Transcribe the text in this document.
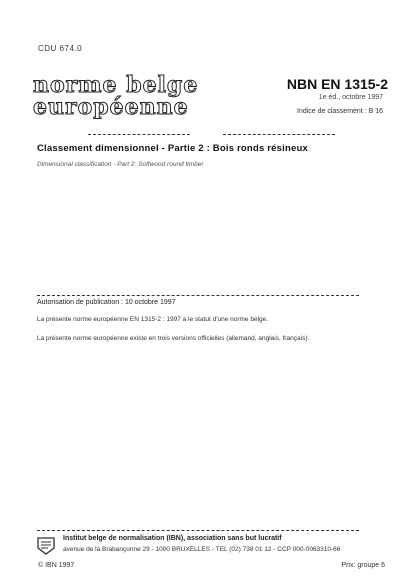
CDU 674.0
norme belge
européenne
NBN EN 1315-2
1e éd., octobre 1997
Indice de classement : B 16
Classement dimensionnel - Partie 2 : Bois ronds résineux
Dimensional classification - Part 2: Softwood round timber
Autorisation de publication : 10 octobre 1997
La présente norme européenne EN 1315-2 : 1997 a le statut d'une norme belge.
La présente norme européenne existe en trois versions officielles (allemand, anglais, français).
Institut belge de normalisation (IBN), association sans but lucratif
avenue de la Brabançonne 29 - 1000 BRUXELLES - TEL (02) 738 01 12 - CCP 000-0063310-66
© IBN 1997	Prix: groupe 6
